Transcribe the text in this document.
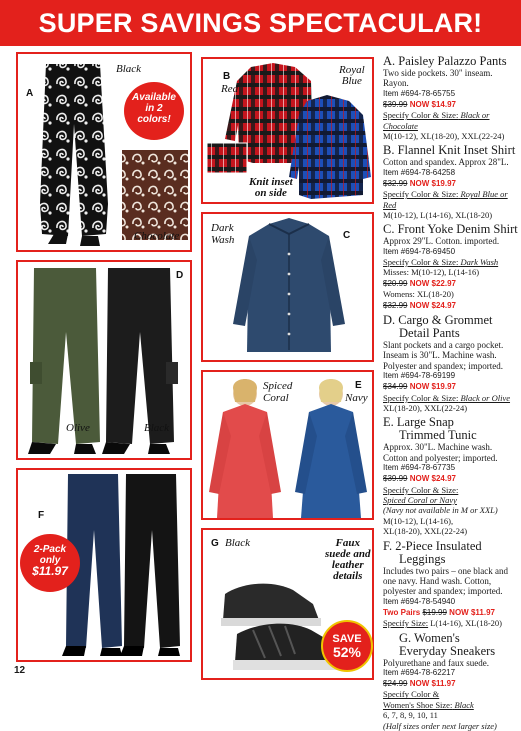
SUPER SAVINGS SPECTACULAR!
A
Black
Chocolate
Available
in 2
colors!
B
Red
Royal
Blue
Knit inset
on side
Dark
Wash	C
D
Olive	Black
Spiced
Coral
E
Navy
F
2-Pack
only
$11.97
G Black	Faux
suede and
leather
details
SAVE
52%

A. Paisley Palazzo Pants

Two side pockets. 30" inseam. Rayon.

Item #694-78-65755

$39.99 NOW $14.97

Specify Color & Size: Black or Chocolate

M(10-12), XL(18-20), XXL(22-24)

B. Flannel Knit Inset Shirt

Cotton and spandex. Approx 28"L.

Item #694-78-64258

$32.99 NOW $19.97

Specify Color & Size: Royal Blue or Red

M(10-12), L(14-16), XL(18-20)

C. Front Yoke Denim Shirt

Approx 29"L. Cotton. imported.

Item #694-78-69450

Specify Color & Size: Dark Wash

Misses: M(10-12), L(14-16)

$20.99 NOW $22.97

Womens: XL(18-20)

$32.99 NOW $24.97

D. Cargo & Grommet
Detail Pants

Slant pockets and a cargo pocket.

Inseam is 30"L. Machine wash.

Polyester and spandex; imported.

Item #694-78-69199

$34.99 NOW $19.97

Specify Color & Size: Black or Olive

XL(18-20), XXL(22-24)

E. Large Snap
Trimmed Tunic

Approx. 30"L. Machine wash.

Cotton and polyester; imported.

Item #694-78-67735

$39.99 NOW $24.97

Specify Color & Size:

Spiced Coral or Navy

(Navy not available in M or XXL)

M(10-12), L(14-16),

XL(18-20), XXL(22-24)

F. 2-Piece Insulated
Leggings

Includes two pairs – one black and

one navy. Hand wash. Cotton,

polyester and spandex; imported.

Item #694-78-54940

Two Pairs $19.99 NOW $11.97

Specify Size: L(14-16), XL(18-20)

G. Women's
Everyday Sneakers

Polyurethane and faux suede.

Item #694-78-62217

$24.99 NOW $11.97

Specify Color &

Women's Shoe Size: Black

6, 7, 8, 9, 10, 11

(Half sizes order next larger size)

12
